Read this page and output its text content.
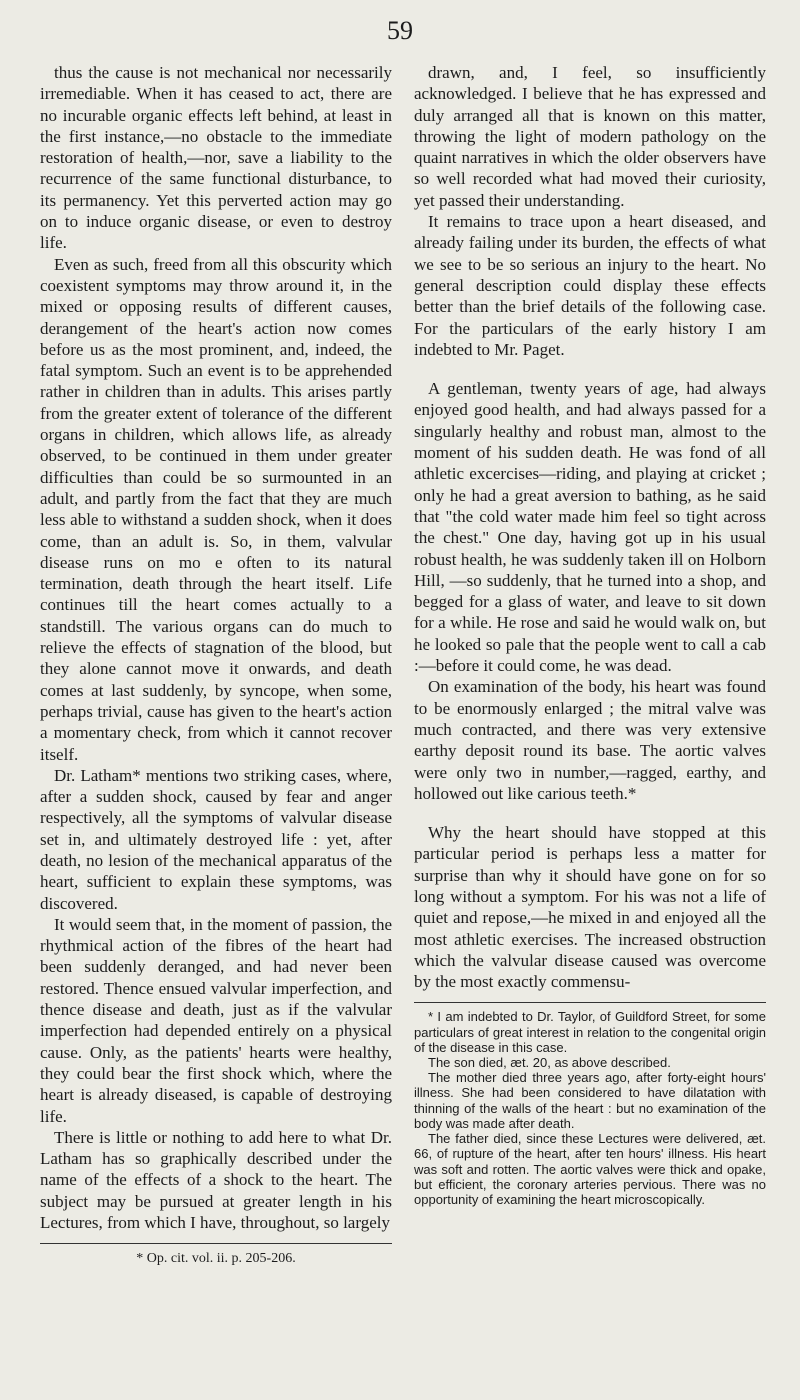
59

thus the cause is not mechanical nor necessarily irremediable. When it has ceased to act, there are no incurable organic effects left behind, at least in the first instance,—no obstacle to the immediate restoration of health,—nor, save a liability to the recurrence of the same functional disturbance, to its permanency. Yet this perverted action may go on to induce organic disease, or even to destroy life.

Even as such, freed from all this obscurity which coexistent symptoms may throw around it, in the mixed or opposing results of different causes, derangement of the heart's action now comes before us as the most prominent, and, indeed, the fatal symptom. Such an event is to be apprehended rather in children than in adults. This arises partly from the greater extent of tolerance of the different organs in children, which allows life, as already observed, to be continued in them under greater difficulties than could be so surmounted in an adult, and partly from the fact that they are much less able to withstand a sudden shock, when it does come, than an adult is. So, in them, valvular disease runs on mo e often to its natural termination, death through the heart itself. Life continues till the heart comes actually to a standstill. The various organs can do much to relieve the effects of stagnation of the blood, but they alone cannot move it onwards, and death comes at last suddenly, by syncope, when some, perhaps trivial, cause has given to the heart's action a momentary check, from which it cannot recover itself.

Dr. Latham* mentions two striking cases, where, after a sudden shock, caused by fear and anger respectively, all the symptoms of valvular disease set in, and ultimately destroyed life : yet, after death, no lesion of the mechanical apparatus of the heart, sufficient to explain these symptoms, was discovered.

It would seem that, in the moment of passion, the rhythmical action of the fibres of the heart had been suddenly deranged, and had never been restored. Thence ensued valvular imperfection, and thence disease and death, just as if the valvular imperfection had depended entirely on a physical cause. Only, as the patients' hearts were healthy, they could bear the first shock which, where the heart is already diseased, is capable of destroying life.

There is little or nothing to add here to what Dr. Latham has so graphically described under the name of the effects of a shock to the heart. The subject may be pursued at greater length in his Lectures, from which I have, throughout, so largely

* Op. cit. vol. ii. p. 205-206.

drawn, and, I feel, so insufficiently acknowledged. I believe that he has expressed and duly arranged all that is known on this matter, throwing the light of modern pathology on the quaint narratives in which the older observers have so well recorded what had moved their curiosity, yet passed their understanding.

It remains to trace upon a heart diseased, and already failing under its burden, the effects of what we see to be so serious an injury to the heart. No general description could display these effects better than the brief details of the following case. For the particulars of the early history I am indebted to Mr. Paget.

A gentleman, twenty years of age, had always enjoyed good health, and had always passed for a singularly healthy and robust man, almost to the moment of his sudden death. He was fond of all athletic excercises—riding, and playing at cricket ; only he had a great aversion to bathing, as he said that "the cold water made him feel so tight across the chest." One day, having got up in his usual robust health, he was suddenly taken ill on Holborn Hill, —so suddenly, that he turned into a shop, and begged for a glass of water, and leave to sit down for a while. He rose and said he would walk on, but he looked so pale that the people went to call a cab :—before it could come, he was dead.

On examination of the body, his heart was found to be enormously enlarged ; the mitral valve was much contracted, and there was very extensive earthy deposit round its base. The aortic valves were only two in number,—ragged, earthy, and hollowed out like carious teeth.*

Why the heart should have stopped at this particular period is perhaps less a matter for surprise than why it should have gone on for so long without a symptom. For his was not a life of quiet and repose,—he mixed in and enjoyed all the most athletic exercises. The increased obstruction which the valvular disease caused was overcome by the most exactly commensu-

* I am indebted to Dr. Taylor, of Guildford Street, for some particulars of great interest in relation to the congenital origin of the disease in this case.

The son died, æt. 20, as above described.

The mother died three years ago, after forty-eight hours' illness. She had been considered to have dilatation with thinning of the walls of the heart : but no examination of the body was made after death.

The father died, since these Lectures were delivered, æt. 66, of rupture of the heart, after ten hours' illness. His heart was soft and rotten. The aortic valves were thick and opake, but efficient, the coronary arteries pervious. There was no opportunity of examining the heart microscopically.
